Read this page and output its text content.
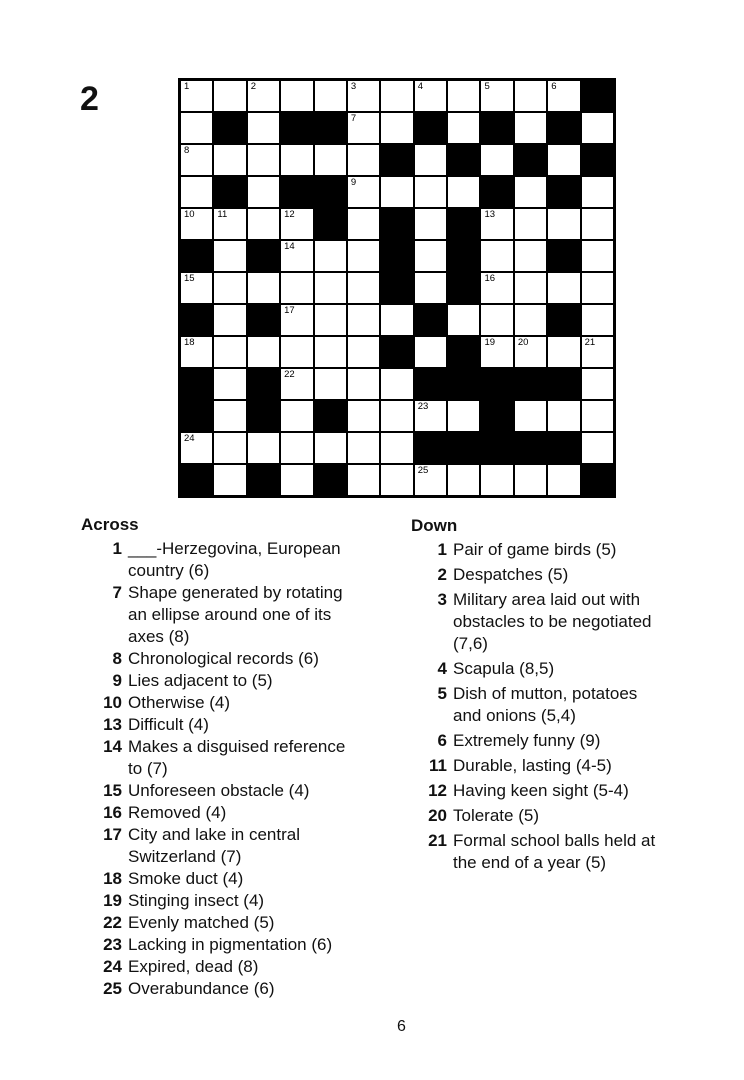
2	1	2	3	4	5	6
7
8
9
10 11	12	13
14
15	16
17
18	19 20	21
22
23
24
25
Across
1 ___-Herzegovina, European country (6)
7 Shape generated by rotating an ellipse around one of its axes (8)
8 Chronological records (6)
9 Lies adjacent to (5)
10 Otherwise (4)
13 Difficult (4)
14 Makes a disguised reference to (7)
15 Unforeseen obstacle (4)
16 Removed (4)
17 City and lake in central Switzerland (7)
18 Smoke duct (4)
19 Stinging insect (4)
22 Evenly matched (5)
23 Lacking in pigmentation (6)
24 Expired, dead (8)
25 Overabundance (6)
Down
1 Pair of game birds (5)
2 Despatches (5)
3 Military area laid out with obstacles to be negotiated (7,6)
4 Scapula (8,5)
5 Dish of mutton, potatoes and onions (5,4)
6 Extremely funny (9)
11 Durable, lasting (4-5)
12 Having keen sight (5-4)
20 Tolerate (5)
21 Formal school balls held at the end of a year (5)
6
